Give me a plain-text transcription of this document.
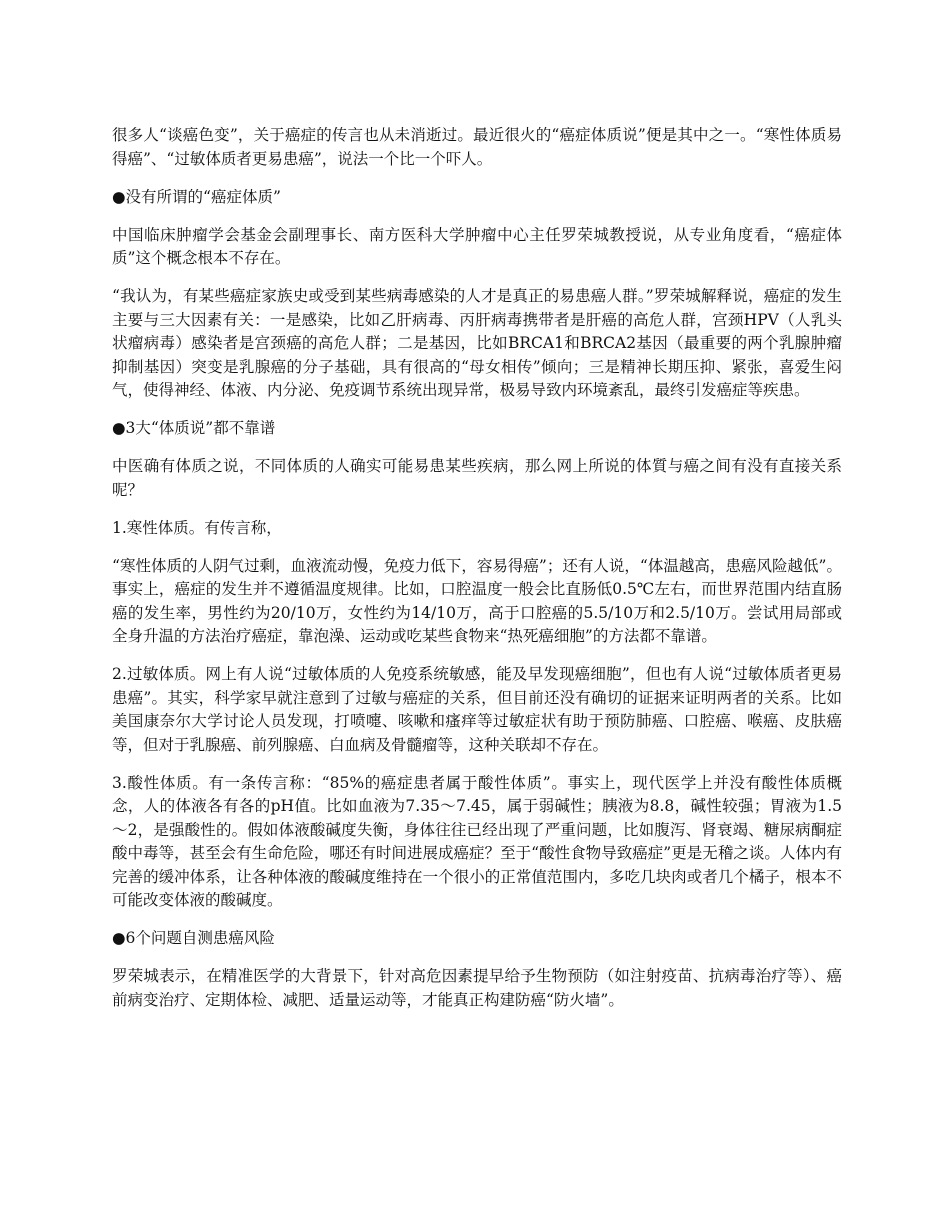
很多人“谈癌色变”，关于癌症的传言也从未消逝过。最近很火的“癌症体质说”便是其中之一。“寒性体质易得癌”、“过敏体质者更易患癌”，说法一个比一个吓人。

●没有所谓的“癌症体质”

中国临床肿瘤学会基金会副理事长、南方医科大学肿瘤中心主任罗荣城教授说，从专业角度看，“癌症体质”这个概念根本不存在。

“我认为，有某些癌症家族史或受到某些病毒感染的人才是真正的易患癌人群。”罗荣城解释说，癌症的发生主要与三大因素有关：一是感染，比如乙肝病毒、丙肝病毒携带者是肝癌的高危人群，宫颈HPV（人乳头状瘤病毒）感染者是宫颈癌的高危人群；二是基因，比如BRCA1和BRCA2基因（最重要的两个乳腺肿瘤抑制基因）突变是乳腺癌的分子基础，具有很高的“母女相传”倾向；三是精神长期压抑、紧张，喜爱生闷气，使得神经、体液、内分泌、免疫调节系统出现异常，极易导致内环境紊乱，最终引发癌症等疾患。

●3大“体质说”都不靠谱

中医确有体质之说，不同体质的人确实可能易患某些疾病，那么网上所说的体質与癌之间有没有直接关系呢？

1.寒性体质。有传言称，

“寒性体质的人阴气过剩，血液流动慢，免疫力低下，容易得癌”；还有人说，“体温越高，患癌风险越低”。事实上，癌症的发生并不遵循温度规律。比如，口腔温度一般会比直肠低0.5℃左右，而世界范围内结直肠癌的发生率，男性约为20/10万，女性约为14/10万，高于口腔癌的5.5/10万和2.5/10万。尝试用局部或全身升温的方法治疗癌症，靠泡澡、运动或吃某些食物来“热死癌细胞”的方法都不靠谱。

2.过敏体质。网上有人说“过敏体质的人免疫系统敏感，能及早发现癌细胞”，但也有人说“过敏体质者更易患癌”。其实，科学家早就注意到了过敏与癌症的关系，但目前还没有确切的证据来证明两者的关系。比如美国康奈尔大学讨论人员发现，打喷嚏、咳嗽和瘙痒等过敏症状有助于预防肺癌、口腔癌、喉癌、皮肤癌等，但对于乳腺癌、前列腺癌、白血病及骨髓瘤等，这种关联却不存在。

3.酸性体质。有一条传言称：“85%的癌症患者属于酸性体质”。事实上，现代医学上并没有酸性体质概念，人的体液各有各的pH值。比如血液为7.35～7.45，属于弱碱性；胰液为8.8，碱性较强；胃液为1.5～2，是强酸性的。假如体液酸碱度失衡，身体往往已经出现了严重问题，比如腹泻、肾衰竭、糖尿病酮症酸中毒等，甚至会有生命危险，哪还有时间进展成癌症？至于“酸性食物导致癌症”更是无稽之谈。人体内有完善的缓冲体系，让各种体液的酸碱度维持在一个很小的正常值范围内，多吃几块肉或者几个橘子，根本不可能改变体液的酸碱度。

●6个问题自测患癌风险

罗荣城表示，在精准医学的大背景下，针对高危因素提早给予生物预防（如注射疫苗、抗病毒治疗等）、癌前病变治疗、定期体检、减肥、适量运动等，才能真正构建防癌“防火墙”。
